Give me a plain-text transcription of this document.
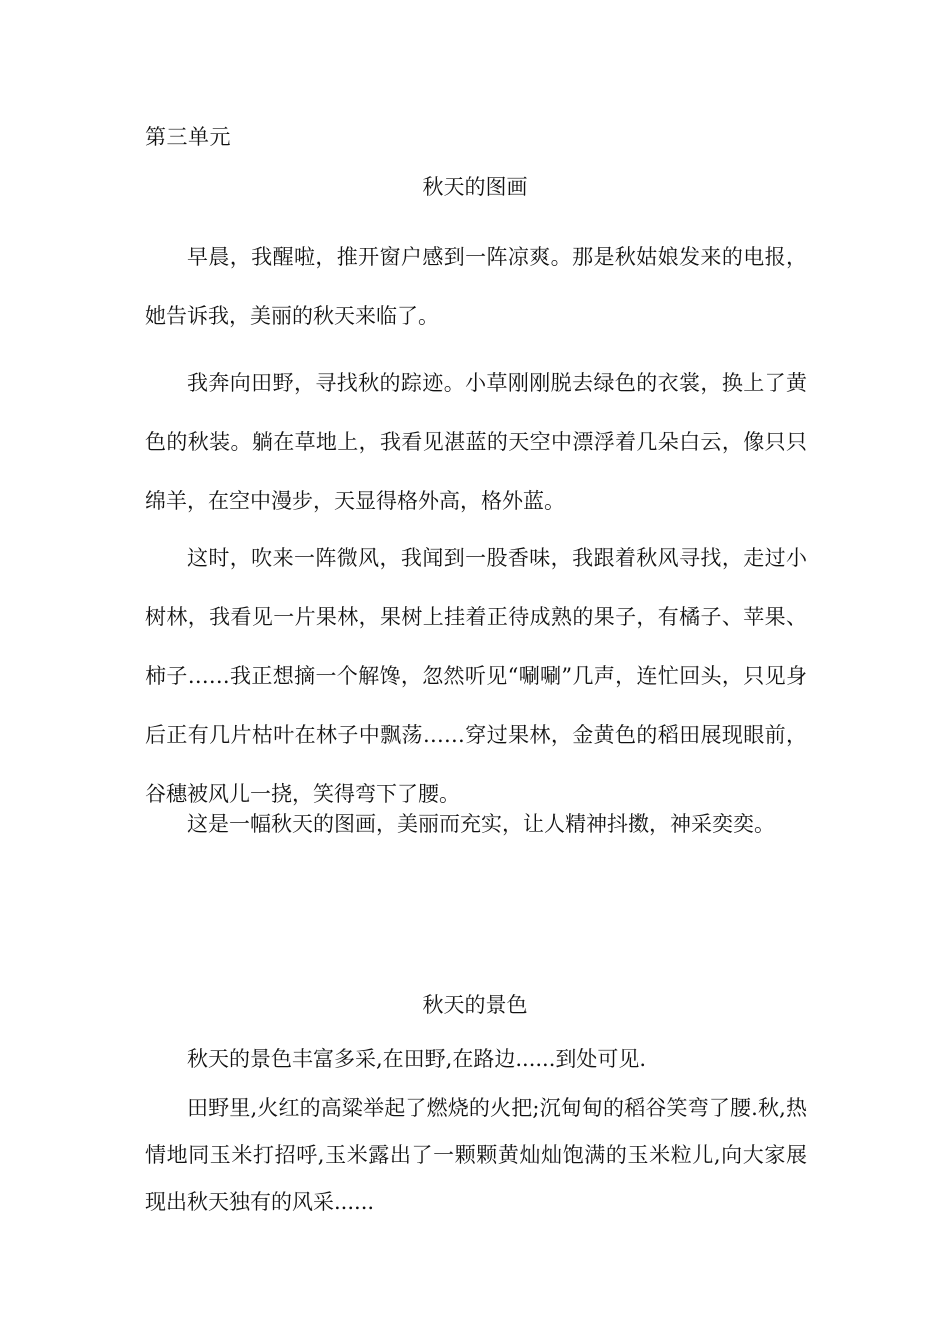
第三单元
秋天的图画

早晨，我醒啦，推开窗户感到一阵凉爽。那是秋姑娘发来的电报，她告诉我，美丽的秋天来临了。

我奔向田野，寻找秋的踪迹。小草刚刚脱去绿色的衣裳，换上了黄色的秋装。躺在草地上，我看见湛蓝的天空中漂浮着几朵白云，像只只绵羊，在空中漫步，天显得格外高，格外蓝。

这时，吹来一阵微风，我闻到一股香味，我跟着秋风寻找，走过小树林，我看见一片果林，果树上挂着正待成熟的果子，有橘子、苹果、柿子……我正想摘一个解馋，忽然听见“唰唰”几声，连忙回头，只见身后正有几片枯叶在林子中飘荡……穿过果林，金黄色的稻田展现眼前，谷穗被风儿一挠，笑得弯下了腰。

这是一幅秋天的图画，美丽而充实，让人精神抖擞，神采奕奕。

秋天的景色

秋天的景色丰富多采,在田野,在路边......到处可见.

田野里,火红的高粱举起了燃烧的火把;沉甸甸的稻谷笑弯了腰.秋,热情地同玉米打招呼,玉米露出了一颗颗黄灿灿饱满的玉米粒儿,向大家展现出秋天独有的风采......
